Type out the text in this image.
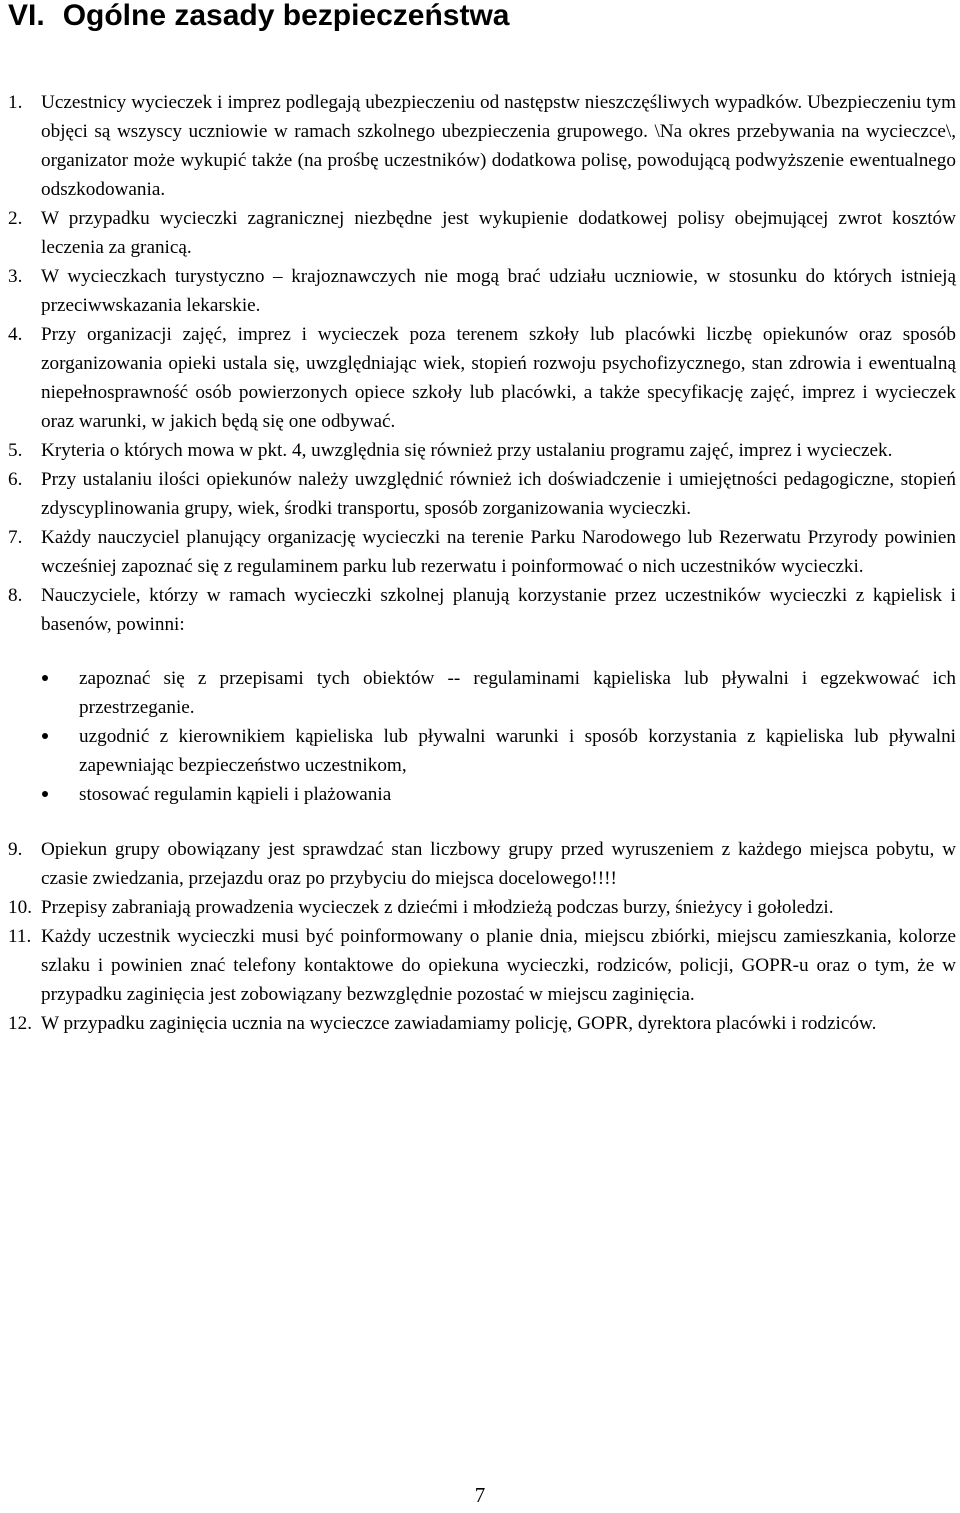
VI. Ogólne zasady bezpieczeństwa
1. Uczestnicy wycieczek i imprez podlegają ubezpieczeniu od następstw nieszczęśliwych wypadków. Ubezpieczeniu tym objęci są wszyscy uczniowie w ramach szkolnego ubezpieczenia grupowego. \Na okres przebywania na wycieczce\, organizator może wykupić także (na prośbę uczestników) dodatkowa polisę, powodującą podwyższenie ewentualnego odszkodowania.
2. W przypadku wycieczki zagranicznej niezbędne jest wykupienie dodatkowej polisy obejmującej zwrot kosztów leczenia za granicą.
3. W wycieczkach turystyczno – krajoznawczych nie mogą brać udziału uczniowie, w stosunku do których istnieją przeciwwskazania lekarskie.
4. Przy organizacji zajęć, imprez i wycieczek poza terenem szkoły lub placówki liczbę opiekunów oraz sposób zorganizowania opieki ustala się, uwzględniając wiek, stopień rozwoju psychofizycznego, stan zdrowia i ewentualną niepełnosprawność osób powierzonych opiece szkoły lub placówki, a także specyfikację zajęć, imprez i wycieczek oraz warunki, w jakich będą się one odbywać.
5. Kryteria o których mowa w pkt. 4, uwzględnia się również przy ustalaniu programu zajęć, imprez i wycieczek.
6. Przy ustalaniu ilości opiekunów należy uwzględnić również ich doświadczenie i umiejętności pedagogiczne, stopień zdyscyplinowania grupy, wiek, środki transportu, sposób zorganizowania wycieczki.
7. Każdy nauczyciel planujący organizację wycieczki na terenie Parku Narodowego lub Rezerwatu Przyrody powinien wcześniej zapoznać się z regulaminem parku lub rezerwatu i poinformować o nich uczestników wycieczki.
8. Nauczyciele, którzy w ramach wycieczki szkolnej planują korzystanie przez uczestników wycieczki z kąpielisk i basenów, powinni:
zapoznać się z przepisami tych obiektów -- regulaminami kąpieliska lub pływalni i egzekwować ich przestrzeganie.
uzgodnić z kierownikiem kąpieliska lub pływalni warunki i sposób korzystania z kąpieliska lub pływalni zapewniając bezpieczeństwo uczestnikom,
stosować regulamin kąpieli i plażowania
9. Opiekun grupy obowiązany jest sprawdzać stan liczbowy grupy przed wyruszeniem z każdego miejsca pobytu, w czasie zwiedzania, przejazdu oraz po przybyciu do miejsca docelowego!!!!
10. Przepisy zabraniają prowadzenia wycieczek z dziećmi i młodzieżą podczas burzy, śnieżycy i gołoledzi.
11. Każdy uczestnik wycieczki musi być poinformowany o planie dnia, miejscu zbiórki, miejscu zamieszkania, kolorze szlaku i powinien znać telefony kontaktowe do opiekuna wycieczki, rodziców, policji, GOPR-u oraz o tym, że w przypadku zaginięcia jest zobowiązany bezwzględnie pozostać w miejscu zaginięcia.
12. W przypadku zaginięcia ucznia na wycieczce zawiadamiamy policję, GOPR, dyrektora placówki i rodziców.
7
